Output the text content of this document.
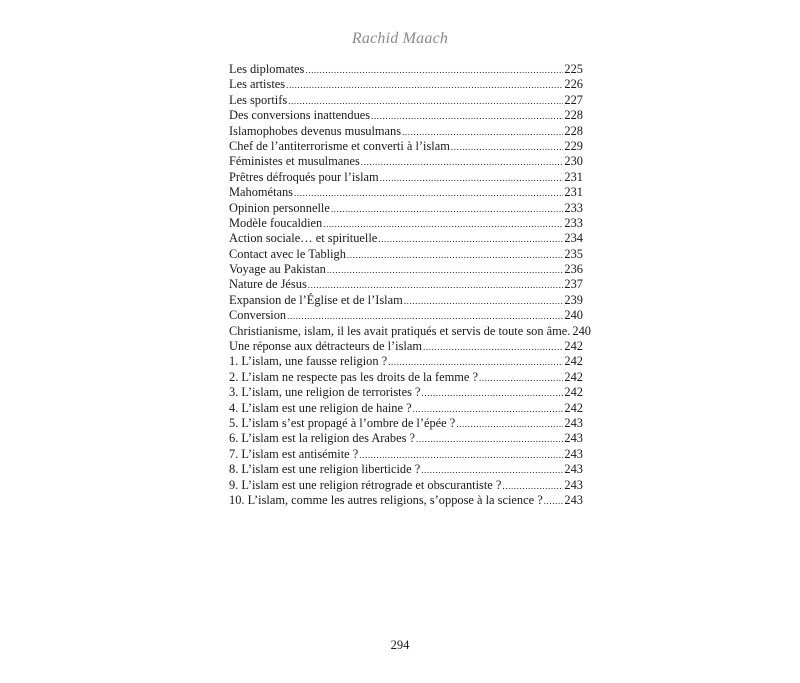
Rachid Maach
Les diplomates .....	225
Les artistes .....	226
Les sportifs .....	227
Des conversions inattendues .....	228
Islamophobes devenus musulmans .....	228
Chef de l’antiterrorisme et converti à l’islam .....	229
Féministes et musulmanes .....	230
Prêtres défroqués pour l’islam .....	231
Mahométans .....	231
Opinion personnelle .....	233
Modèle foucaldien .....	233
Action sociale… et spirituelle .....	234
Contact avec le Tabligh .....	235
Voyage au Pakistan .....	236
Nature de Jésus .....	237
Expansion de l’Église et de l’Islam .....	239
Conversion .....	240
Christianisme, islam, il les avait pratiqués et servis de toute son âme. 240
Une réponse aux détracteurs de l’islam .....	242
1. L’islam, une fausse religion ? .....	242
2. L’islam ne respecte pas les droits de la femme ? .....	242
3. L’islam, une religion de terroristes ? .....	242
4. L’islam est une religion de haine ? .....	242
5. L’islam s’est propagé à l’ombre de l’épée ? .....	243
6. L’islam est la religion des Arabes ? .....	243
7. L’islam est antisémite ? .....	243
8. L’islam est une religion liberticide ? .....	243
9. L’islam est une religion rétrograde et obscurantiste ? .....	243
10. L’islam, comme les autres religions, s’oppose à la science ? ..... 243
294
